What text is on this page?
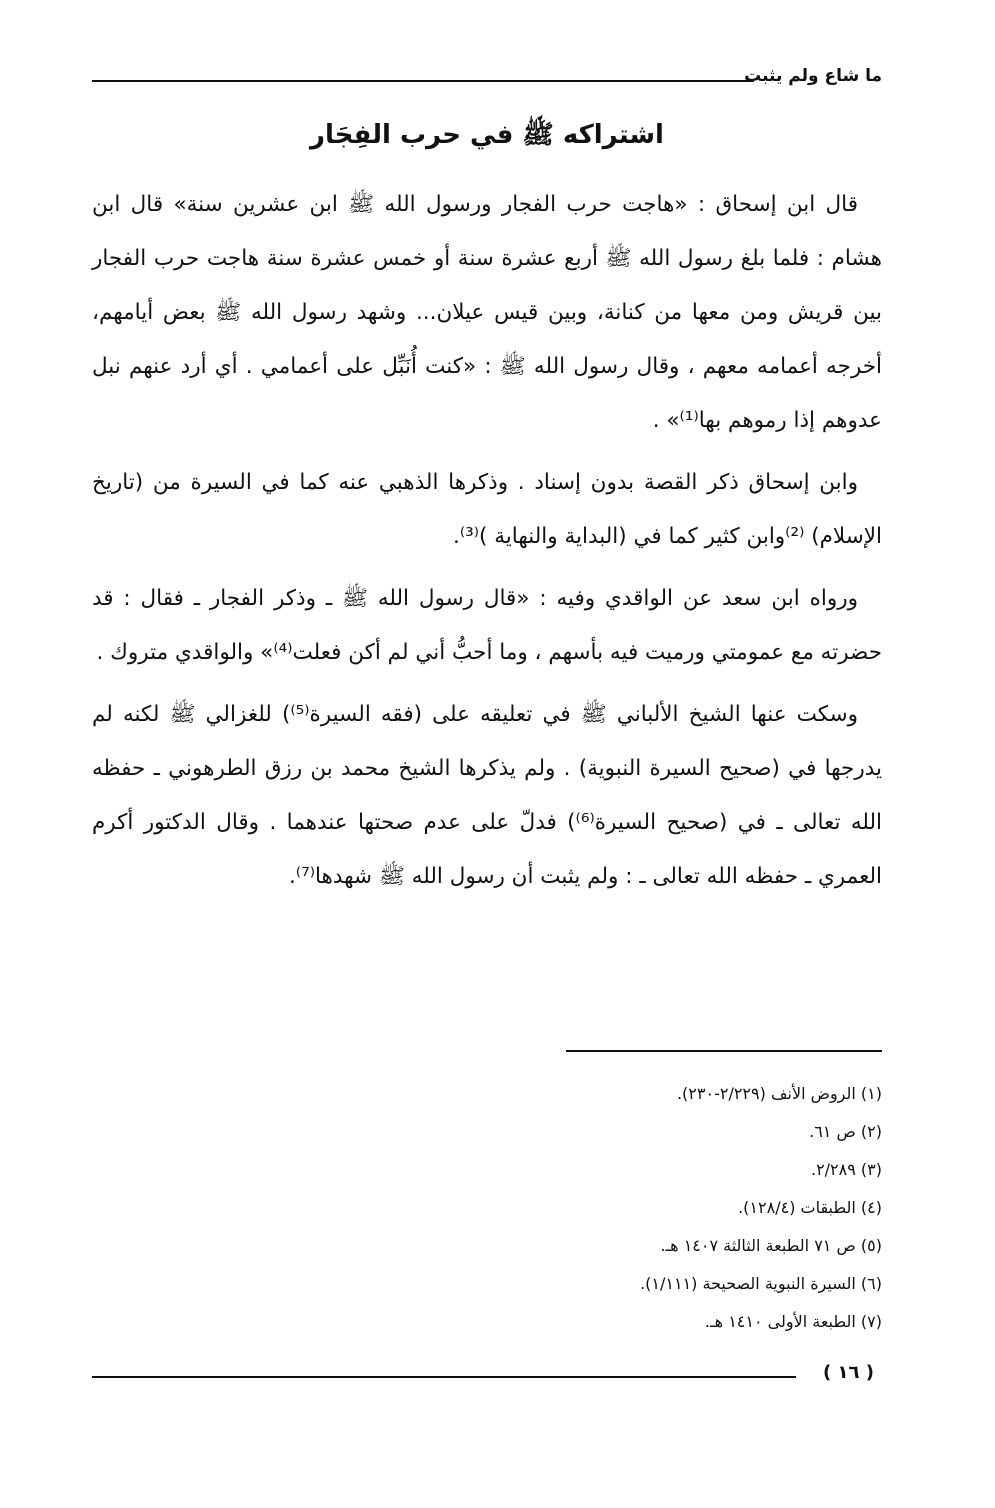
ما شاع ولم يثبت
اشتراكه ﷺ في حرب الفِجَار

قال ابن إسحاق : «هاجت حرب الفجار ورسول الله ﷺ ابن عشرين سنة» قال ابن هشام : فلما بلغ رسول الله ﷺ أربع عشرة سنة أو خمس عشرة سنة هاجت حرب الفجار بين قريش ومن معها من كنانة، وبين قيس عيلان... وشهد رسول الله ﷺ بعض أيامهم، أخرجه أعمامه معهم ، وقال رسول الله ﷺ : «كنت أُنَبِّل على أعمامي . أي أرد عنهم نبل عدوهم إذا رموهم بها⁽¹⁾» .

وابن إسحاق ذكر القصة بدون إسناد . وذكرها الذهبي عنه كما في السيرة من (تاريخ الإسلام) ⁽²⁾وابن كثير كما في (البداية والنهاية )⁽³⁾.

ورواه ابن سعد عن الواقدي وفيه : «قال رسول الله ﷺ ـ وذكر الفجار ـ فقال : قد حضرته مع عمومتي ورميت فيه بأسهم ، وما أحبُّ أني لم أكن فعلت⁽⁴⁾» والواقدي متروك .

وسكت عنها الشيخ الألباني ﷺ في تعليقه على (فقه السيرة⁽⁵⁾) للغزالي ﷺ لكنه لم يدرجها في (صحيح السيرة النبوية) . ولم يذكرها الشيخ محمد بن رزق الطرهوني ـ حفظه الله تعالى ـ في (صحيح السيرة⁽⁶⁾) فدلّ على عدم صحتها عندهما . وقال الدكتور أكرم العمري ـ حفظه الله تعالى ـ : ولم يثبت أن رسول الله ﷺ شهدها⁽⁷⁾.

(١) الروض الأنف (٢/٢٢٩-٢٣٠).
(٢) ص ٦١.
(٣) ٢/٢٨٩.
(٤) الطبقات (١٢٨/٤).
(٥) ص ٧١ الطبعة الثالثة ١٤٠٧ هـ.
(٦) السيرة النبوية الصحيحة (١/١١١).
(٧) الطبعة الأولى ١٤١٠ هـ.
( ١٦ )
